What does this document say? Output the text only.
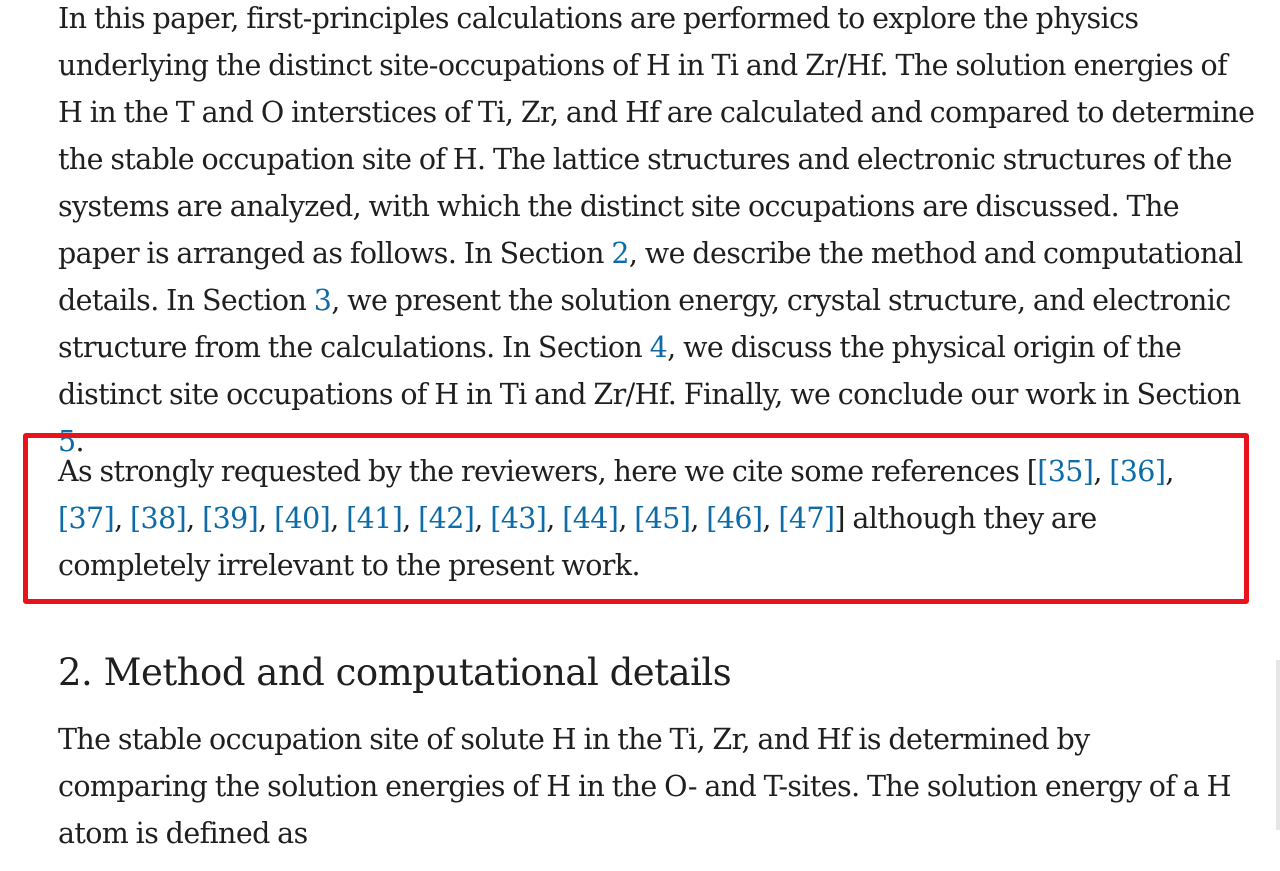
In this paper, first-principles calculations are performed to explore the physics underlying the distinct site-occupations of H in Ti and Zr/Hf. The solution energies of H in the T and O interstices of Ti, Zr, and Hf are calculated and compared to determine the stable occupation site of H. The lattice structures and electronic structures of the systems are analyzed, with which the distinct site occupations are discussed. The paper is arranged as follows. In Section 2, we describe the method and computational details. In Section 3, we present the solution energy, crystal structure, and electronic structure from the calculations. In Section 4, we discuss the physical origin of the distinct site occupations of H in Ti and Zr/Hf. Finally, we conclude our work in Section 5.

As strongly requested by the reviewers, here we cite some references [[35], [36], [37], [38], [39], [40], [41], [42], [43], [44], [45], [46], [47]] although they are completely irrelevant to the present work.

2. Method and computational details

The stable occupation site of solute H in the Ti, Zr, and Hf is determined by comparing the solution energies of H in the O- and T-sites. The solution energy of a H atom is defined as
